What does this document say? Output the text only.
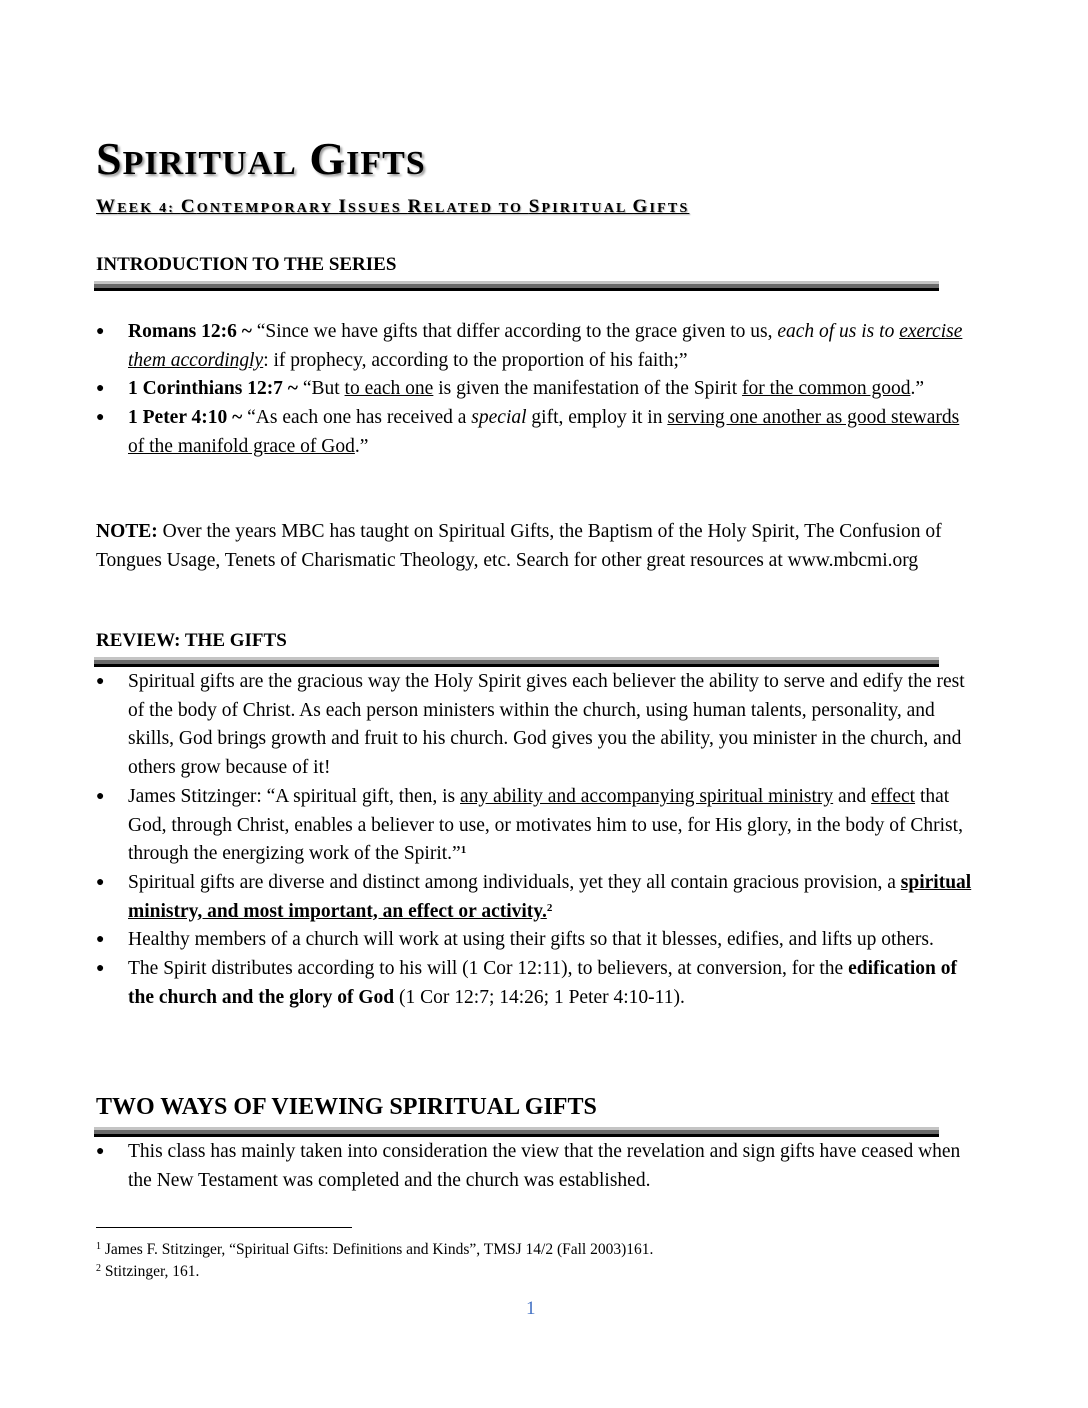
SPIRITUAL GIFTS
WEEK 4: CONTEMPORARY ISSUES RELATED TO SPIRITUAL GIFTS
INTRODUCTION TO THE SERIES
●	Romans 12:6 ~ “Since we have gifts that differ according to the grace given to us, each of us is to exercise them accordingly: if prophecy, according to the proportion of his faith;”
●	1 Corinthians 12:7 ~ “But to each one is given the manifestation of the Spirit for the common good.”
●	1 Peter 4:10 ~ “As each one has received a special gift, employ it in serving one another as good stewards of the manifold grace of God.”
NOTE: Over the years MBC has taught on Spiritual Gifts, the Baptism of the Holy Spirit, The Confusion of Tongues Usage, Tenets of Charismatic Theology, etc. Search for other great resources at www.mbcmi.org
REVIEW: THE GIFTS
●	Spiritual gifts are the gracious way the Holy Spirit gives each believer the ability to serve and edify the rest of the body of Christ. As each person ministers within the church, using human talents, personality, and skills, God brings growth and fruit to his church. God gives you the ability, you minister in the church, and others grow because of it!
●	James Stitzinger: “A spiritual gift, then, is any ability and accompanying spiritual ministry and effect that God, through Christ, enables a believer to use, or motivates him to use, for His glory, in the body of Christ, through the energizing work of the Spirit.”$^1$
●	Spiritual gifts are diverse and distinct among individuals, yet they all contain gracious provision, a spiritual ministry, and most important, an effect or activity.$^2$
●	Healthy members of a church will work at using their gifts so that it blesses, edifies, and lifts up others.
●	The Spirit distributes according to his will (1 Cor 12:11), to believers, at conversion, for the edification of the church and the glory of God (1 Cor 12:7; 14:26; 1 Peter 4:10-11).
TWO WAYS OF VIEWING SPIRITUAL GIFTS
●	This class has mainly taken into consideration the view that the revelation and sign gifts have ceased when the New Testament was completed and the church was established.
$^1$ James F. Stitzinger, “Spiritual Gifts: Definitions and Kinds”, TMSJ 14/2 (Fall 2003)161.
$^2$ Stitzinger, 161.
1
